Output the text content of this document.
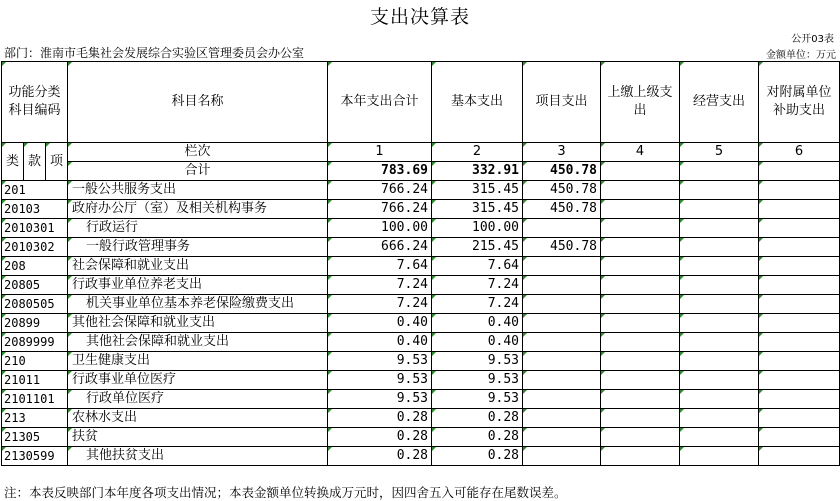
支出决算表
公开03表
部门：淮南市毛集社会发展综合实验区管理委员会办公室	金额单位：万元
功能分类科目编码			科目名称	本年支出合计	基本支出	项目支出	上缴上级支出	经营支出	对附属单位补助支出
类	款	项	栏次	1	2	3	4	5	6
			合计	783.69	332.91	450.78			
201			一般公共服务支出	766.24	315.45	450.78			
20103			政府办公厅（室）及相关机构事务	766.24	315.45	450.78			
2010301			行政运行	100.00	100.00				
2010302			一般行政管理事务	666.24	215.45	450.78			
208			社会保障和就业支出	7.64	7.64				
20805			行政事业单位养老支出	7.24	7.24				
2080505			机关事业单位基本养老保险缴费支出	7.24	7.24				
20899			其他社会保障和就业支出	0.40	0.40				
2089999			其他社会保障和就业支出	0.40	0.40				
210			卫生健康支出	9.53	9.53				
21011			行政事业单位医疗	9.53	9.53				
2101101			行政单位医疗	9.53	9.53				
213			农林水支出	0.28	0.28				
21305			扶贫	0.28	0.28				
2130599			其他扶贫支出	0.28	0.28				
注：本表反映部门本年度各项支出情况；本表金额单位转换成万元时，因四舍五入可能存在尾数误差。
